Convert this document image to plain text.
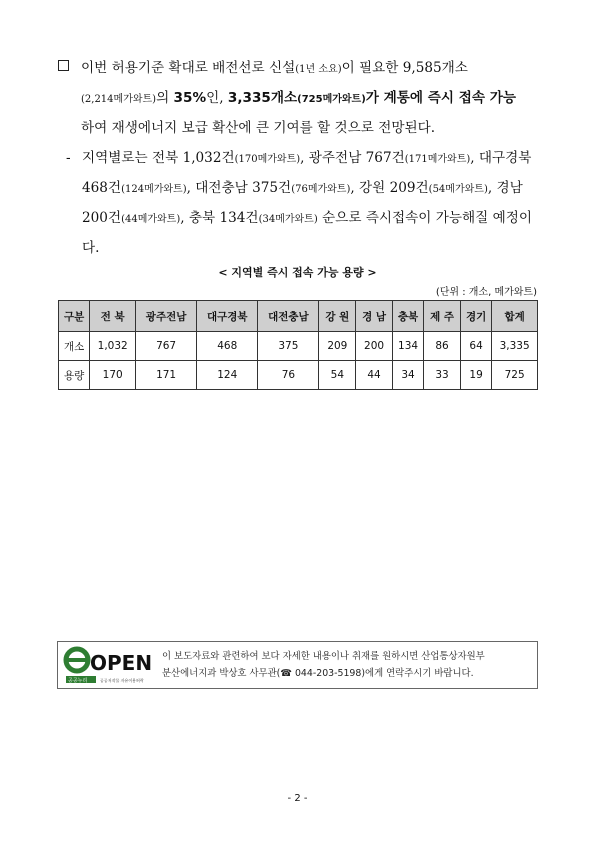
이번 허용기준 확대로 배전선로 신설(1년 소요)이 필요한 9,585개소
(2,214메가와트)의 35%인, 3,335개소(725메가와트)가 계통에 즉시 접속 가능
하여 재생에너지 보급 확산에 큰 기여를 할 것으로 전망된다.
- 지역별로는 전북 1,032건(170메가와트), 광주전남 767건(171메가와트), 대구경북 468건(124메가와트), 대전충남 375건(76메가와트), 강원 209건(54메가와트), 경남 200건(44메가와트), 충북 134건(34메가와트) 순으로 즉시접속이 가능해질 예정이다.
< 지역별 즉시 접속 가능 용량 >
(단위 : 개소, 메가와트)
구분	전 북	광주전남	대구경북	대전충남	강 원	경 남	충북	제 주	경기	합계
개소	1,032	767	468	375	209	200	134	86	64	3,335
용량	170	171	124	76	54	44	34	33	19	725
OPEN
공공누리	공공저작물 자유이용허락
이 보도자료와 관련하여 보다 자세한 내용이나 취재를 원하시면 산업통상자원부
분산에너지과 박상호 사무관(☎ 044-203-5198)에게 연락주시기 바랍니다.
- 2 -
